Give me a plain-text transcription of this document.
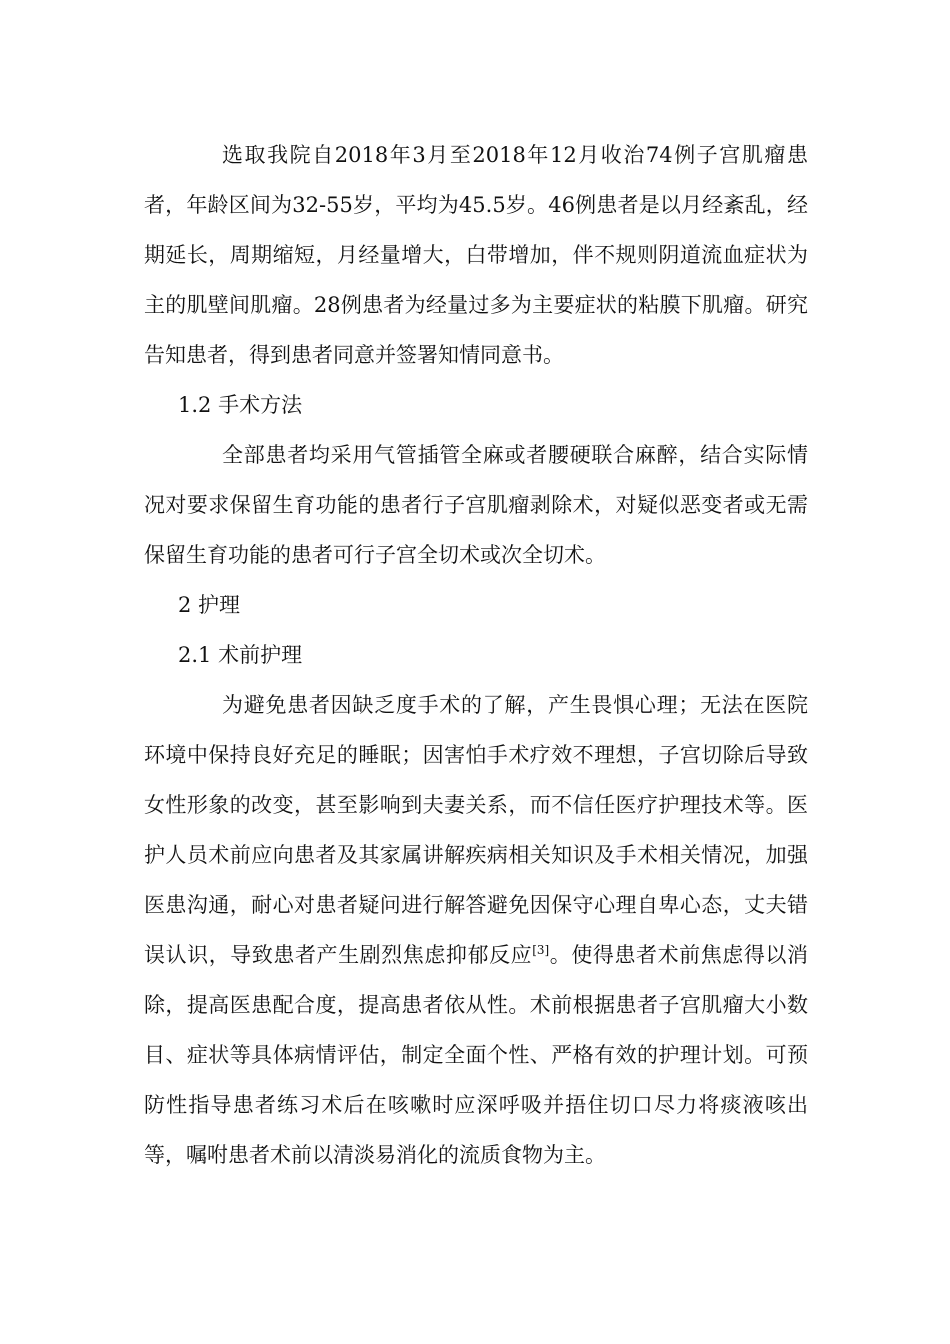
选取我院自2018年3月至2018年12月收治74例子宫肌瘤患者，年龄区间为32-55岁，平均为45.5岁。46例患者是以月经紊乱，经期延长，周期缩短，月经量增大，白带增加，伴不规则阴道流血症状为主的肌壁间肌瘤。28例患者为经量过多为主要症状的粘膜下肌瘤。研究告知患者，得到患者同意并签署知情同意书。

1.2 手术方法

全部患者均采用气管插管全麻或者腰硬联合麻醉，结合实际情况对要求保留生育功能的患者行子宫肌瘤剥除术，对疑似恶变者或无需保留生育功能的患者可行子宫全切术或次全切术。

2 护理

2.1 术前护理

为避免患者因缺乏度手术的了解，产生畏惧心理；无法在医院环境中保持良好充足的睡眠；因害怕手术疗效不理想，子宫切除后导致女性形象的改变，甚至影响到夫妻关系，而不信任医疗护理技术等。医护人员术前应向患者及其家属讲解疾病相关知识及手术相关情况，加强医患沟通，耐心对患者疑问进行解答避免因保守心理自卑心态，丈夫错误认识，导致患者产生剧烈焦虑抑郁反应[3]。使得患者术前焦虑得以消除，提高医患配合度，提高患者依从性。术前根据患者子宫肌瘤大小数目、症状等具体病情评估，制定全面个性、严格有效的护理计划。可预防性指导患者练习术后在咳嗽时应深呼吸并捂住切口尽力将痰液咳出等，嘱咐患者术前以清淡易消化的流质食物为主。
